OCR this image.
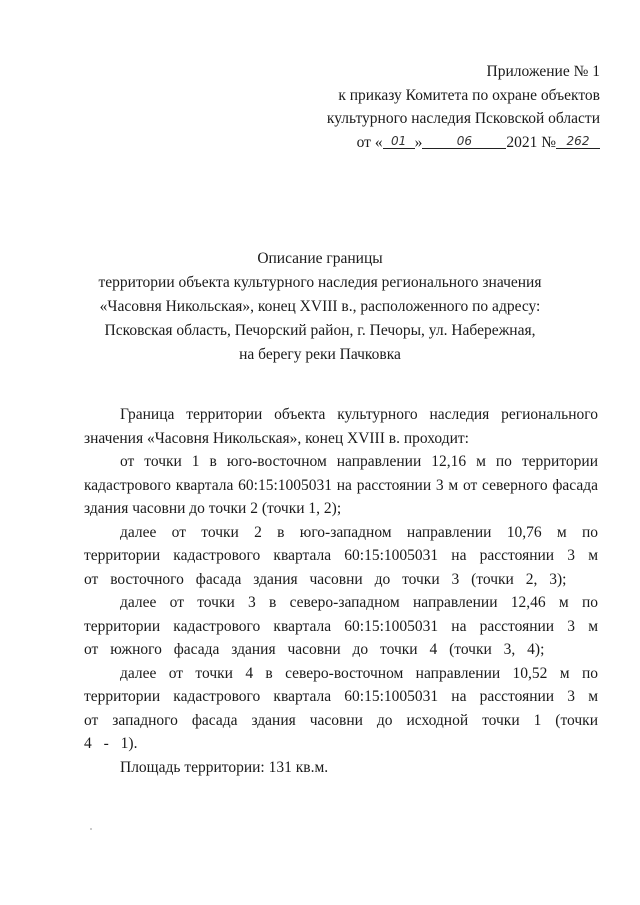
Приложение № 1
к приказу Комитета по охране объектов
культурного наследия Псковской области
от « 01 »	06 2021 № 262
Описание границы
территории объекта культурного наследия регионального значения
«Часовня Никольская», конец XVIII в., расположенного по адресу:
Псковская область, Печорский район, г. Печоры, ул. Набережная,
на берегу реки Пачковка

Граница территории объекта культурного наследия регионального значения «Часовня Никольская», конец XVIII в. проходит:

от точки 1 в юго-восточном направлении 12,16 м по территории кадастрового квартала 60:15:1005031 на расстоянии 3 м от северного фасада здания часовни до точки 2 (точки 1, 2);

далее от точки 2 в юго-западном направлении 10,76 м по территории кадастрового квартала 60:15:1005031 на расстоянии 3 м от восточного фасада здания часовни до точки 3 (точки 2, 3);

далее от точки 3 в северо-западном направлении 12,46 м по территории кадастрового квартала 60:15:1005031 на расстоянии 3 м от южного фасада здания часовни до точки 4 (точки 3, 4);

далее от точки 4 в северо-восточном направлении 10,52 м по территории кадастрового квартала 60:15:1005031 на расстоянии 3 м от западного фасада здания часовни до исходной точки 1 (точки 4 - 1).

Площадь территории: 131 кв.м.
